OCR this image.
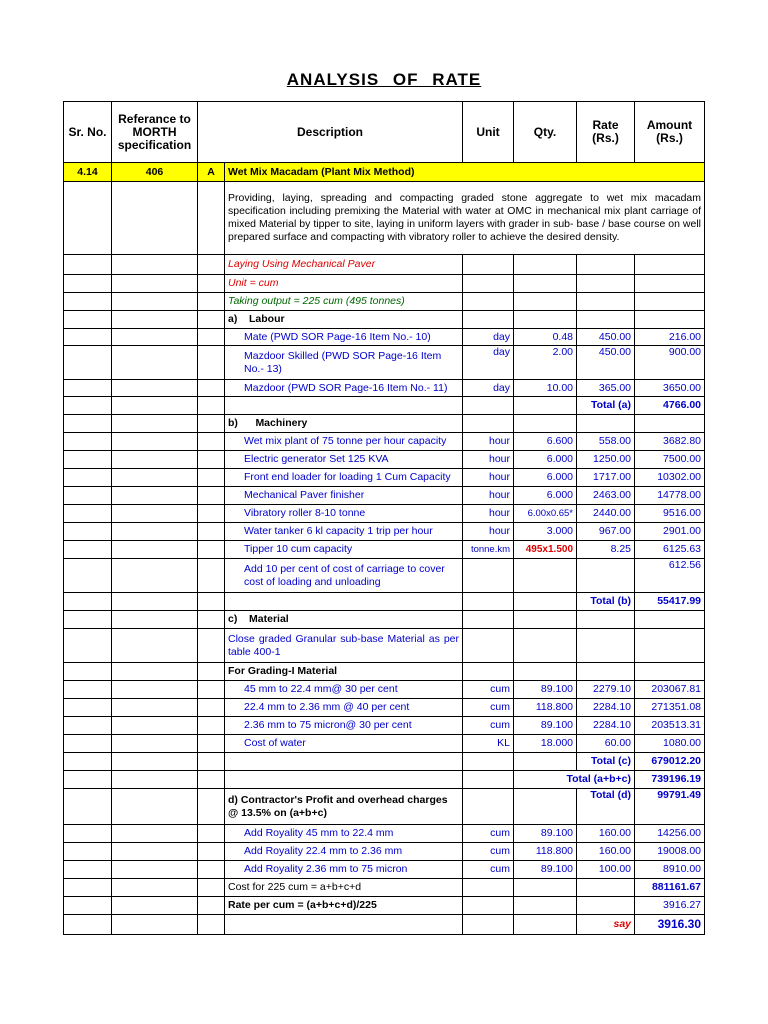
ANALYSIS OF RATE
Sr. No.	Referance to MORTH specification	Description		Unit	Qty.	Rate (Rs.)	Amount (Rs.)
4.14	406	A	Wet Mix Macadam (Plant Mix Method)				
			Providing, laying, spreading and compacting graded stone aggregate to wet mix macadam specification including premixing the Material with water at OMC in mechanical mix plant carriage of mixed Material by tipper to site, laying in uniform layers with grader in sub- base / base course on well prepared surface and compacting with vibratory roller to achieve the desired density.				
			Laying Using Mechanical Paver				
			Unit = cum				
			Taking output = 225 cum (495 tonnes)				
			a) Labour				
			Mate (PWD SOR Page-16 Item No.- 10)	day	0.48	450.00	216.00
			Mazdoor Skilled (PWD SOR Page-16 Item No.- 13)	day	2.00	450.00	900.00
			Mazdoor (PWD SOR Page-16 Item No.- 11)	day	10.00	365.00	3650.00
						Total (a)	4766.00
			b) Machinery				
			Wet mix plant of 75 tonne per hour capacity	hour	6.600	558.00	3682.80
			Electric generator Set 125 KVA	hour	6.000	1250.00	7500.00
			Front end loader for loading 1 Cum Capacity	hour	6.000	1717.00	10302.00
			Mechanical Paver finisher	hour	6.000	2463.00	14778.00
			Vibratory roller 8-10 tonne	hour	6.00x0.65*	2440.00	9516.00
			Water tanker 6 kl capacity 1 trip per hour	hour	3.000	967.00	2901.00
			Tipper 10 cum capacity	tonne.km	495x1.500	8.25	6125.63
			Add 10 per cent of cost of carriage to cover cost of loading and unloading				612.56
						Total (b)	55417.99
			c) Material				
			Close graded Granular sub-base Material as per table 400-1				
			For Grading-I Material				
			45 mm to 22.4 mm@ 30 per cent	cum	89.100	2279.10	203067.81
			22.4 mm to 2.36 mm @ 40 per cent	cum	118.800	2284.10	271351.08
			2.36 mm to 75 micron@ 30 per cent	cum	89.100	2284.10	203513.31
			Cost of water	KL	18.000	60.00	1080.00
						Total (c)	679012.20
					Total (a+b+c)		739196.19
			d) Contractor's Profit and overhead charges @ 13.5% on (a+b+c)			Total (d)	99791.49
			Add Royality 45 mm to 22.4 mm	cum	89.100	160.00	14256.00
			Add Royality 22.4 mm to 2.36 mm	cum	118.800	160.00	19008.00
			Add Royality 2.36 mm to 75 micron	cum	89.100	100.00	8910.00
			Cost for 225 cum = a+b+c+d				881161.67
			Rate per cum = (a+b+c+d)/225				3916.27
						say	3916.30
